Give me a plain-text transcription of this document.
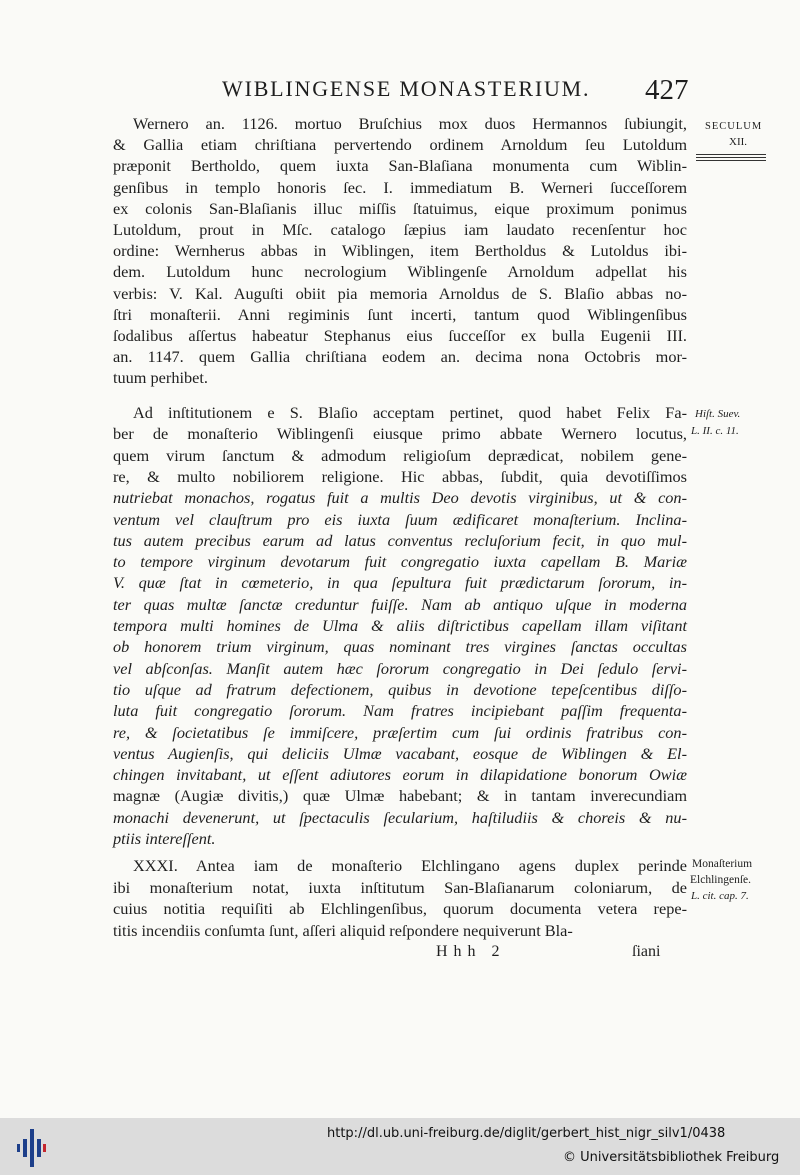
WIBLINGENSE MONASTERIUM. 427
SECULUM
XII.
Wernero an. 1126. mortuo Bruſchius mox duos Hermannos ſubiungit,
& Gallia etiam chriſtiana pervertendo ordinem Arnoldum ſeu Lutoldum
præponit Bertholdo, quem iuxta San-Blaſiana monumenta cum Wiblin-
genſibus in templo honoris ſec. I. immediatum B. Werneri ſucceſſorem
ex colonis San-Blaſianis illuc miſſis ſtatuimus, eique proximum ponimus
Lutoldum, prout in Mſc. catalogo ſæpius iam laudato recenſentur hoc
ordine: Wernherus abbas in Wiblingen, item Bertholdus & Lutoldus ibi-
dem. Lutoldum hunc necrologium Wiblingenſe Arnoldum adpellat his
verbis: V. Kal. Auguſti obiit pia memoria Arnoldus de S. Blaſio abbas no-
ſtri monaſterii. Anni regiminis ſunt incerti, tantum quod Wiblingenſibus
ſodalibus aſſertus habeatur Stephanus eius ſucceſſor ex bulla Eugenii III.
an. 1147. quem Gallia chriſtiana eodem an. decima nona Octobris mor-
tuum perhibet.
Ad inſtitutionem e S. Blaſio acceptam pertinet, quod habet Felix Fa-
ber de monaſterio Wiblingenſi eiusque primo abbate Wernero locutus,
quem virum ſanctum & admodum religioſum deprædicat, nobilem gene-
re, & multo nobiliorem religione. Hic abbas, ſubdit, quia devotiſſimos
nutriebat monachos, rogatus fuit a multis Deo devotis virginibus, ut & con-
ventum vel clauſtrum pro eis iuxta ſuum ædificaret monaſterium. Inclina-
tus autem precibus earum ad latus conventus recluſorium fecit, in quo mul-
to tempore virginum devotarum fuit congregatio iuxta capellam B. Mariæ
V. quæ ſtat in cœmeterio, in qua ſepultura fuit prædictarum ſororum, in-
ter quas multæ ſanctæ creduntur fuiſſe. Nam ab antiquo uſque in moderna
tempora multi homines de Ulma & aliis diſtrictibus capellam illam viſitant
ob honorem trium virginum, quas nominant tres virgines ſanctas occultas
vel abſconſas. Manſit autem hæc ſororum congregatio in Dei ſedulo ſervi-
tio uſque ad fratrum defectionem, quibus in devotione tepeſcentibus diſſo-
luta fuit congregatio ſororum. Nam fratres incipiebant paſſim frequenta-
re, & ſocietatibus ſe immiſcere, præſertim cum ſui ordinis fratribus con-
ventus Augienſis, qui deliciis Ulmæ vacabant, eosque de Wiblingen & El-
chingen invitabant, ut eſſent adiutores eorum in dilapidatione bonorum Owiæ
magnæ (Augiæ divitis,) quæ Ulmæ habebant; & in tantam inverecundiam
monachi devenerunt, ut ſpectaculis ſecularium, haſtiludiis & choreis & nu-
ptiis intereſſent.
XXXI. Antea iam de monaſterio Elchlingano agens duplex perinde
ibi monaſterium notat, iuxta inſtitutum San-Blaſianarum coloniarum, de
cuius notitia requiſiti ab Elchlingenſibus, quorum documenta vetera repe-
titis incendiis conſumta ſunt, aſſeri aliquid reſpondere nequiverunt Bla-
Hiſt. Suev.
L. II. c. 11.
Monaſterium
Elchlingenſe.
L. cit. cap. 7.
Hhh 2	ſiani
http://dl.ub.uni-freiburg.de/diglit/gerbert_hist_nigr_silv1/0438
© Universitätsbibliothek Freiburg
